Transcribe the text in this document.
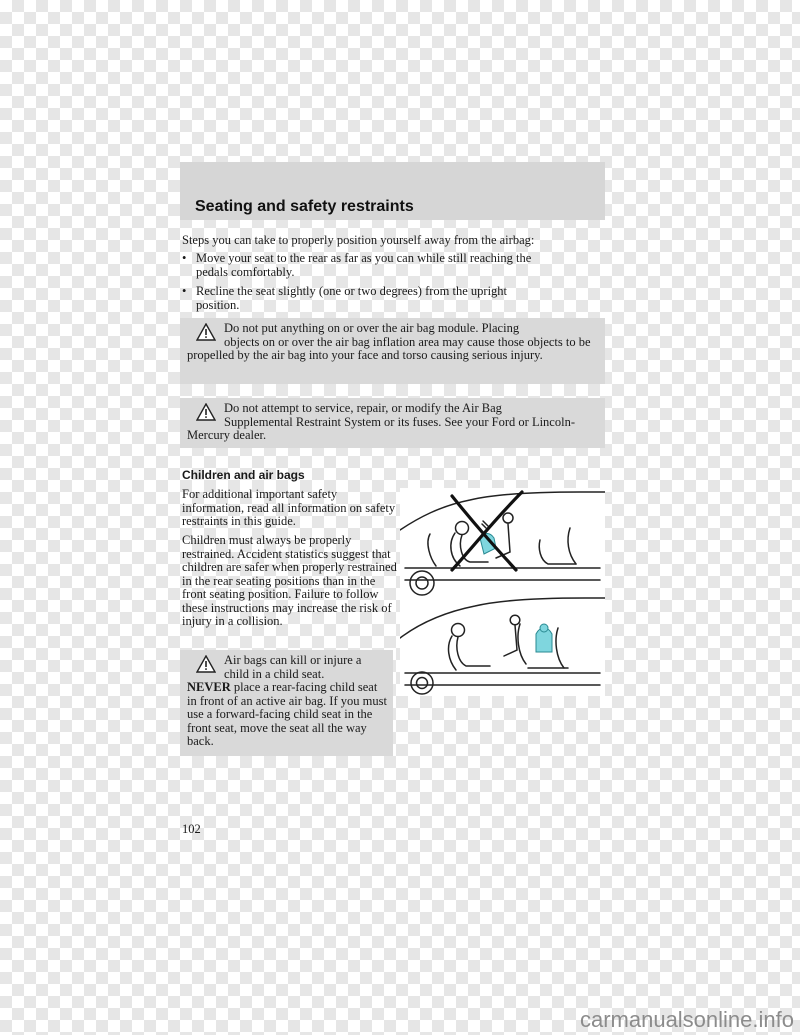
Seating and safety restraints
Steps you can take to properly position yourself away from the airbag:
• Move your seat to the rear as far as you can while still reaching the
pedals comfortably.
• Recline the seat slightly (one or two degrees) from the upright
position.
Do not put anything on or over the air bag module. Placing
objects on or over the air bag inflation area may cause those objects to be propelled by the air bag into your face and torso causing serious injury.
Do not attempt to service, repair, or modify the Air Bag
Supplemental Restraint System or its fuses. See your Ford or Lincoln-Mercury dealer.
Children and air bags
For additional important safety information, read all information on safety restraints in this guide.
Children must always be properly restrained. Accident statistics suggest that children are safer when properly restrained in the rear seating positions than in the front seating position. Failure to follow these instructions may increase the risk of injury in a collision.
Air bags can kill or injure a
child in a child seat.
NEVER place a rear-facing child seat in front of an active air bag. If you must use a forward-facing child seat in the front seat, move the seat all the way back.
102
carmanualsonline.info
